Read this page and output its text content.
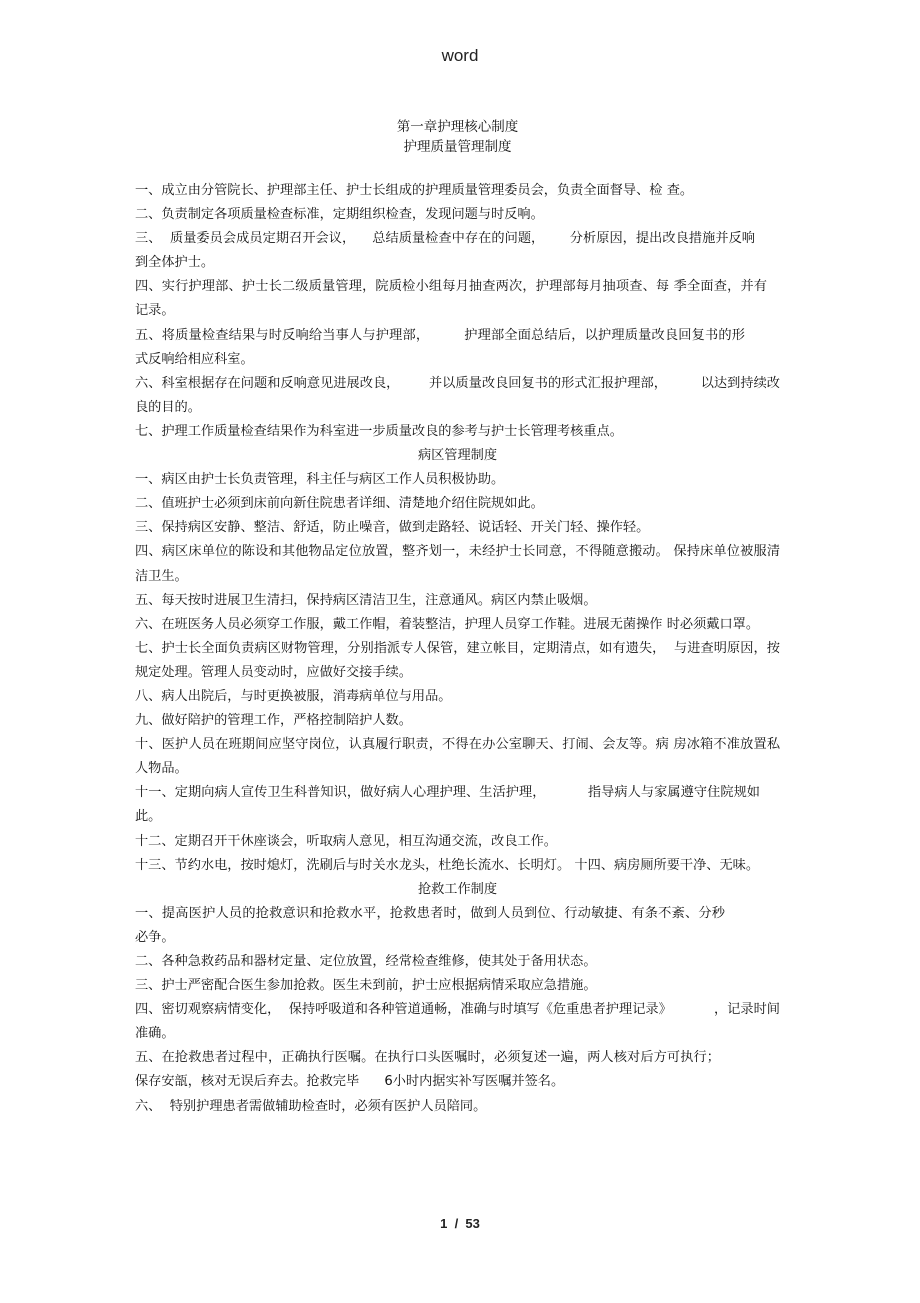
word
第一章护理核心制度
护理质量管理制度
一、成立由分管院长、护理部主任、护士长组成的护理质量管理委员会，负责全面督导、检 查。
二、负责制定各项质量检查标准，定期组织检查，发现问题与时反响。
三、  质量委员会成员定期召开会议，    总结质量检查中存在的问题，      分析原因，提出改良措施并反响到全体护士。
四、实行护理部、护士长二级质量管理，院质检小组每月抽查两次，护理部每月抽项查、每 季全面查，并有记录。
五、将质量检查结果与时反响给当事人与护理部，        护理部全面总结后，以护理质量改良回复书的形式反响给相应科室。
六、科室根据存在问题和反响意见进展改良，       并以质量改良回复书的形式汇报护理部，        以达到持续改良的目的。
七、护理工作质量检查结果作为科室进一步质量改良的参考与护士长管理考核重点。
病区管理制度
一、病区由护士长负责管理，科主任与病区工作人员积极协助。
二、值班护士必须到床前向新住院患者详细、清楚地介绍住院规如此。
三、保持病区安静、整洁、舒适，防止噪音，做到走路轻、说话轻、开关门轻、操作轻。
四、病区床单位的陈设和其他物品定位放置，整齐划一，未经护士长同意，不得随意搬动。 保持床单位被服清洁卫生。
五、每天按时进展卫生清扫，保持病区清洁卫生，注意通风。病区内禁止吸烟。
六、在班医务人员必须穿工作服，戴工作帽，着装整洁，护理人员穿工作鞋。进展无菌操作 时必须戴口罩。
七、护士长全面负责病区财物管理，分别指派专人保管，建立帐目，定期清点，如有遗失，  与进查明原因，按规定处理。管理人员变动时，应做好交接手续。
八、病人出院后，与时更换被服，消毒病单位与用品。
九、做好陪护的管理工作，严格控制陪护人数。
十、医护人员在班期间应坚守岗位，认真履行职责，不得在办公室聊天、打闹、会友等。病 房冰箱不准放置私人物品。
十一、定期向病人宣传卫生科普知识，做好病人心理护理、生活护理，          指导病人与家属遵守住院规如此。
十二、定期召开干休座谈会，听取病人意见，相互沟通交流，改良工作。
十三、节约水电，按时熄灯，洗刷后与时关水龙头，杜绝长流水、长明灯。 十四、病房厕所要干净、无味。
抢救工作制度
一、提高医护人员的抢救意识和抢救水平，抢救患者时，做到人员到位、行动敏捷、有条不紊、分秒必争。
二、各种急救药品和器材定量、定位放置，经常检查维修，使其处于备用状态。
三、护士严密配合医生参加抢救。医生未到前，护士应根据病情采取应急措施。
四、密切观察病情变化，  保持呼吸道和各种管道通畅，准确与时填写《危重患者护理记录》          ，记录时间准确。
五、在抢救患者过程中，正确执行医嘱。在执行口头医嘱时，必须复述一遍，两人核对后方可执行；保存安瓿，核对无误后弃去。抢救完毕      6小时内据实补写医嘱并签名。
六、  特别护理患者需做辅助检查时，必须有医护人员陪同。
1 / 53
